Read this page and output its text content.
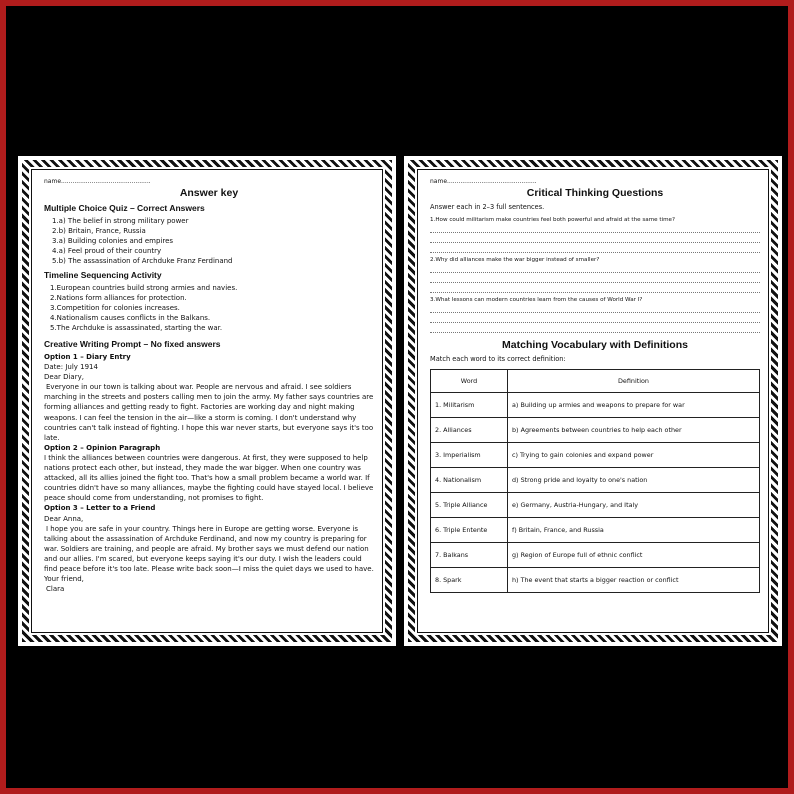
name...............................................
Answer key
Multiple Choice Quiz – Correct Answers
1.a) The belief in strong military power
2.b) Britain, France, Russia
3.a) Building colonies and empires
4.a) Feel proud of their country
5.b) The assassination of Archduke Franz Ferdinand
Timeline Sequencing Activity
1.European countries build strong armies and navies.
2.Nations form alliances for protection.
3.Competition for colonies increases.
4.Nationalism causes conflicts in the Balkans.
5.The Archduke is assassinated, starting the war.
Creative Writing Prompt – No fixed answers
Option 1 – Diary Entry
Date: July 1914
Dear Diary,
Everyone in our town is talking about war. People are nervous and afraid. I see soldiers marching in the streets and posters calling men to join the army. My father says countries are forming alliances and getting ready to fight. Factories are working day and night making weapons. I can feel the tension in the air—like a storm is coming. I don't understand why countries can't talk instead of fighting. I hope this war never starts, but everyone says it's too late.
Option 2 – Opinion Paragraph
I think the alliances between countries were dangerous. At first, they were supposed to help nations protect each other, but instead, they made the war bigger. When one country was attacked, all its allies joined the fight too. That's how a small problem became a world war. If countries didn't have so many alliances, maybe the fighting could have stayed local. I believe peace should come from understanding, not promises to fight.
Option 3 – Letter to a Friend
Dear Anna,
I hope you are safe in your country. Things here in Europe are getting worse. Everyone is talking about the assassination of Archduke Ferdinand, and now my country is preparing for war. Soldiers are training, and people are afraid. My brother says we must defend our nation and our allies. I'm scared, but everyone keeps saying it's our duty. I wish the leaders could find peace before it's too late. Please write back soon—I miss the quiet days we used to have.
Your friend,
Clara
name...............................................
Critical Thinking Questions
Answer each in 2–3 full sentences.
1.How could militarism make countries feel both powerful and afraid at the same time?
2.Why did alliances make the war bigger instead of smaller?
3.What lessons can modern countries learn from the causes of World War I?
Matching Vocabulary with Definitions
Match each word to its correct definition:
Word	Definition
1. Militarism	a) Building up armies and weapons to prepare for war
2. Alliances	b) Agreements between countries to help each other
3. Imperialism	c) Trying to gain colonies and expand power
4. Nationalism	d) Strong pride and loyalty to one's nation
5. Triple Alliance	e) Germany, Austria-Hungary, and Italy
6. Triple Entente	f) Britain, France, and Russia
7. Balkans	g) Region of Europe full of ethnic conflict
8. Spark	h) The event that starts a bigger reaction or conflict
